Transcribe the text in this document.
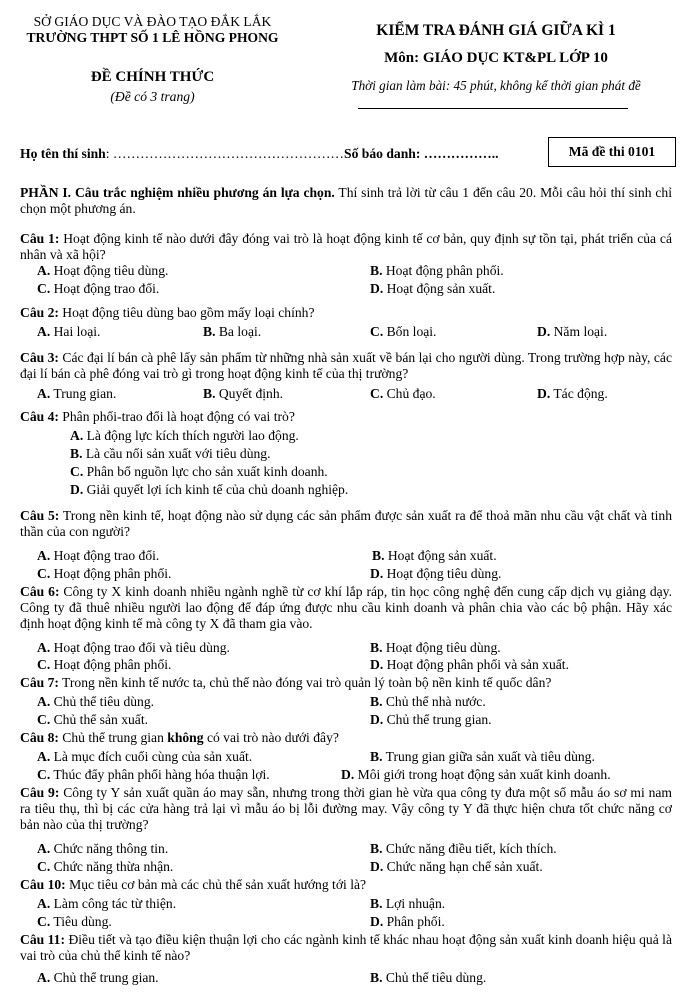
SỞ GIÁO DỤC VÀ ĐÀO TẠO ĐẮK LẮK
TRƯỜNG THPT SỐ 1 LÊ HỒNG PHONG
ĐỀ CHÍNH THỨC
(Đề có 3 trang)
KIỂM TRA ĐÁNH GIÁ GIỮA KÌ 1
Môn: GIÁO DỤC KT&PL LỚP 10
Thời gian làm bài: 45 phút, không kể thời gian phát đề
Họ tên thí sinh: ……………………………………………Số báo danh: ……………..	Mã đề thi 0101
PHẦN I. Câu trắc nghiệm nhiều phương án lựa chọn. Thí sinh trả lời từ câu 1 đến câu 20. Mỗi câu hỏi thí sinh chỉ chọn một phương án.
Câu 1: Hoạt động kinh tế nào dưới đây đóng vai trò là hoạt động kinh tế cơ bản, quy định sự tồn tại, phát triển của cá nhân và xã hội?
A. Hoạt động tiêu dùng.	B. Hoạt động phân phối.
C. Hoạt động trao đổi.	D. Hoạt động sản xuất.
Câu 2: Hoạt động tiêu dùng bao gồm mấy loại chính?
A. Hai loại.	B. Ba loại.	C. Bốn loại.	D. Năm loại.
Câu 3: Các đại lí bán cà phê lấy sản phẩm từ những nhà sản xuất về bán lại cho người dùng. Trong trường hợp này, các đại lí bán cà phê đóng vai trò gì trong hoạt động kinh tế của thị trường?
A. Trung gian.	B. Quyết định.	C. Chủ đạo.	D. Tác động.
Câu 4: Phân phối-trao đổi là hoạt động có vai trò?
A. Là động lực kích thích người lao động.
B. Là cầu nối sản xuất với tiêu dùng.
C. Phân bổ nguồn lực cho sản xuất kinh doanh.
D. Giải quyết lợi ích kinh tế của chủ doanh nghiệp.
Câu 5: Trong nền kinh tế, hoạt động nào sử dụng các sản phẩm được sản xuất ra để thoả mãn nhu cầu vật chất và tinh thần của con người?
A. Hoạt động trao đổi.	B. Hoạt động sản xuất.
C. Hoạt động phân phối.	D. Hoạt động tiêu dùng.
Câu 6: Công ty X kinh doanh nhiều ngành nghề từ cơ khí lắp ráp, tin học công nghệ đến cung cấp dịch vụ giảng dạy. Công ty đã thuê nhiều người lao động để đáp ứng được nhu cầu kinh doanh và phân chia vào các bộ phận. Hãy xác định hoạt động kinh tế mà công ty X đã tham gia vào.
A. Hoạt động trao đổi và tiêu dùng.	B. Hoạt động tiêu dùng.
C. Hoạt động phân phối.	D. Hoạt động phân phối và sản xuất.
Câu 7: Trong nền kinh tế nước ta, chủ thể nào đóng vai trò quản lý toàn bộ nền kinh tế quốc dân?
A. Chủ thể tiêu dùng.	B. Chủ thể nhà nước.
C. Chủ thể sản xuất.	D. Chủ thể trung gian.
Câu 8: Chủ thể trung gian không có vai trò nào dưới đây?
A. Là mục đích cuối cùng của sản xuất.	B. Trung gian giữa sản xuất và tiêu dùng.
C. Thúc đẩy phân phối hàng hóa thuận lợi.	D. Môi giới trong hoạt động sản xuất kinh doanh.
Câu 9: Công ty Y sản xuất quần áo may sẵn, nhưng trong thời gian hè vừa qua công ty đưa một số mẫu áo sơ mi nam ra tiêu thụ, thì bị các cửa hàng trả lại vì mẫu áo bị lỗi đường may. Vậy công ty Y đã thực hiện chưa tốt chức năng cơ bản nào của thị trường?
A. Chức năng thông tin.	B. Chức năng điều tiết, kích thích.
C. Chức năng thừa nhận.	D. Chức năng hạn chế sản xuất.
Câu 10: Mục tiêu cơ bản mà các chủ thể sản xuất hướng tới là?
A. Làm công tác từ thiện.	B. Lợi nhuận.
C. Tiêu dùng.	D. Phân phối.
Câu 11: Điều tiết và tạo điều kiện thuận lợi cho các ngành kinh tế khác nhau hoạt động sản xuất kinh doanh hiệu quả là vai trò của chủ thể kinh tế nào?
A. Chủ thể trung gian.	B. Chủ thể tiêu dùng.
